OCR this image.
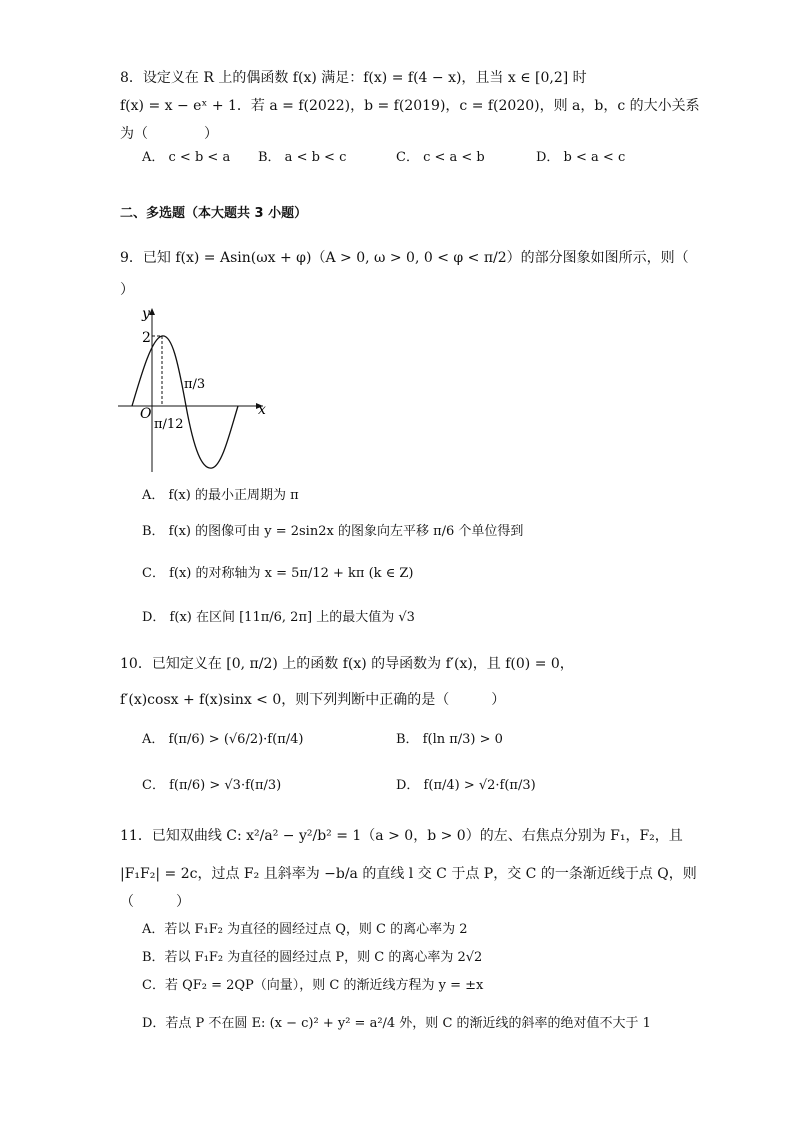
8．设定义在 R 上的偶函数 f(x) 满足：f(x) = f(4 − x)，且当 x ∈ [0,2] 时
f(x) = x − eˣ + 1．若 a = f(2022)，b = f(2019)，c = f(2020)，则 a，b，c 的大小关系
为（　　　　）
A． c < b < a B． a < b < c	C． c < a < b	D． b < a < c
二、多选题（本大题共 3 小题）
9．已知 f(x) = Asin(ωx + φ)（A > 0, ω > 0, 0 < φ < π/2）的部分图象如图所示，则（
）
y
x
O
2
π/12
π/3
A． f(x) 的最小正周期为 π
B． f(x) 的图像可由 y = 2sin2x 的图象向左平移 π/6 个单位得到
C． f(x) 的对称轴为 x = 5π/12 + kπ (k ∈ Z)
D． f(x) 在区间 [11π/6, 2π] 上的最大值为 √3
10．已知定义在 [0, π/2) 上的函数 f(x) 的导函数为 f′(x)，且 f(0) = 0，
f′(x)cosx + f(x)sinx < 0，则下列判断中正确的是（　　　）
A． f(π/6) > (√6/2)·f(π/4)	B． f(ln π/3) > 0
C． f(π/6) > √3·f(π/3)	D． f(π/4) > √2·f(π/3)
11．已知双曲线 C: x²/a² − y²/b² = 1（a > 0，b > 0）的左、右焦点分别为 F₁，F₂，且
|F₁F₂| = 2c，过点 F₂ 且斜率为 −b/a 的直线 l 交 C 于点 P，交 C 的一条渐近线于点 Q，则
（　　　）
A．若以 F₁F₂ 为直径的圆经过点 Q，则 C 的离心率为 2
B．若以 F₁F₂ 为直径的圆经过点 P，则 C 的离心率为 2√2
C．若 QF₂ = 2QP（向量），则 C 的渐近线方程为 y = ±x
D．若点 P 不在圆 E: (x − c)² + y² = a²/4 外，则 C 的渐近线的斜率的绝对值不大于 1
